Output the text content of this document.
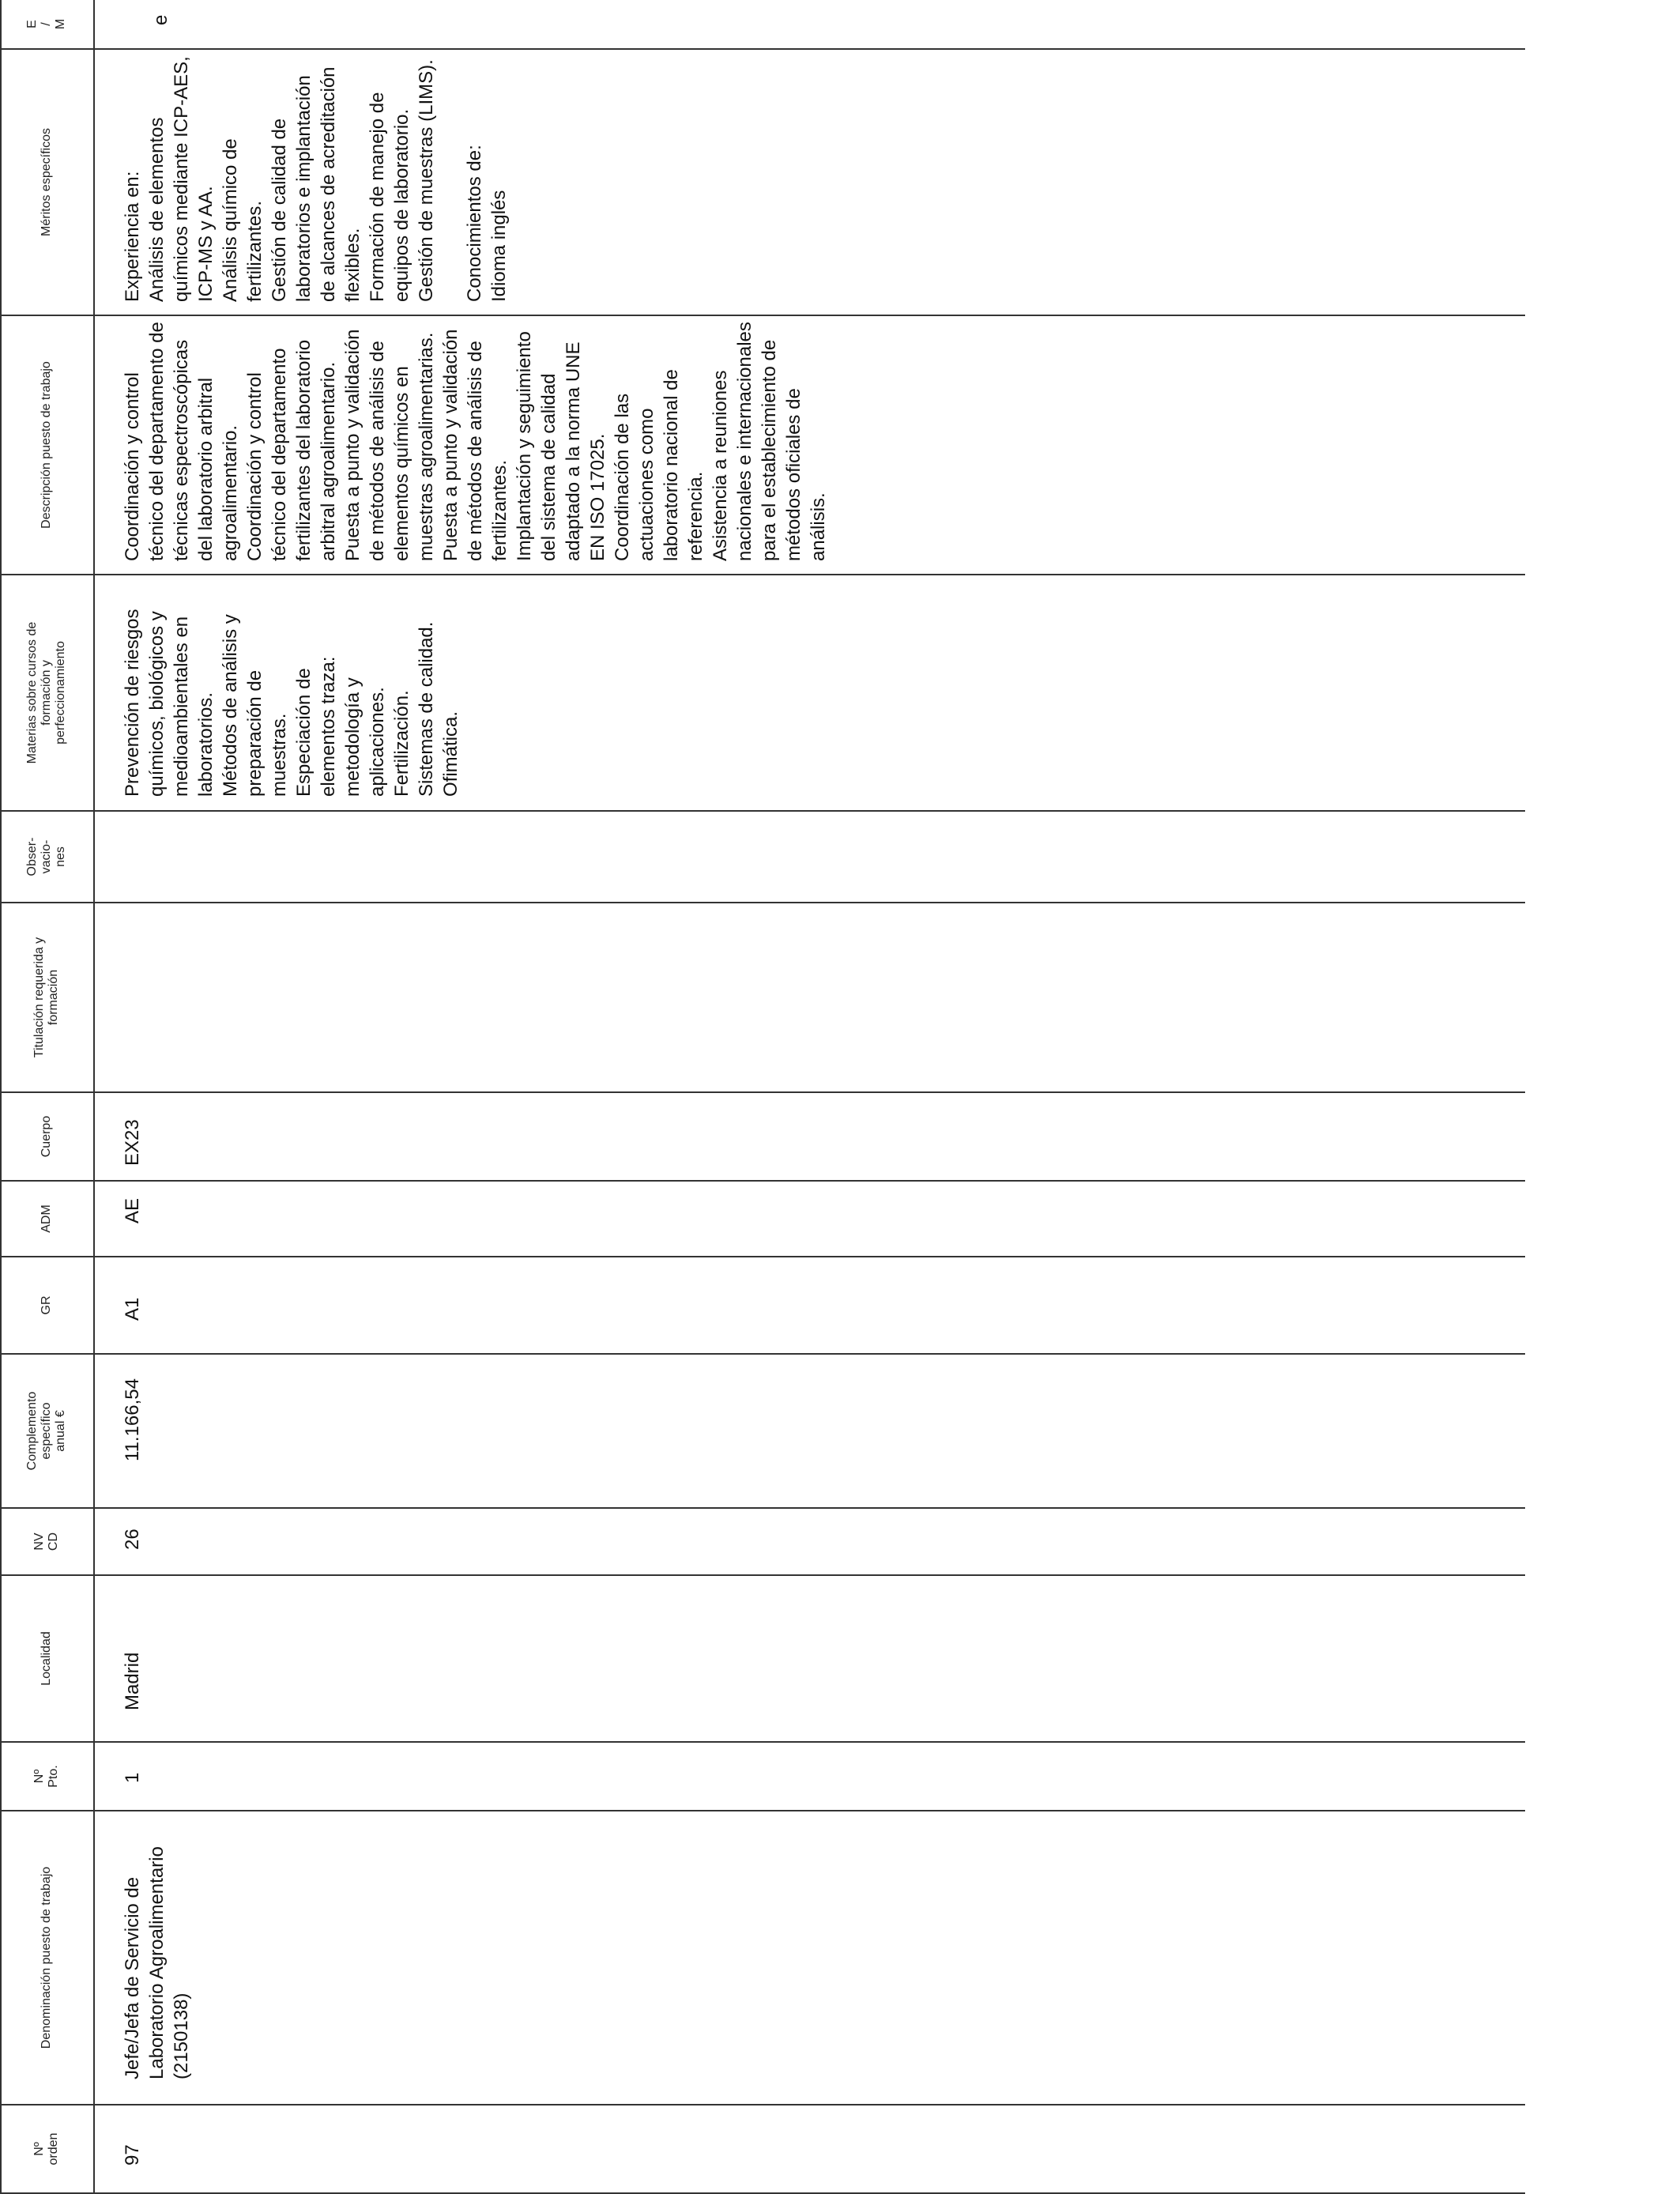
Nº
orden
Denominación puesto de trabajo
Nº
Pto.
Localidad
NV
CD
Complemento
específico
anual €
GR
ADM
Cuerpo
Titulación requerida y
formación
Obser-
vacio-
nes
Materias sobre cursos de
formación y
perfeccionamiento
Descripción puesto de trabajo
Méritos específicos
E
/
M
97
Jefe/Jefa de Servicio de Laboratorio Agroalimentario (2150138)
1
Madrid
26
11.166,54
A1
AE
EX23
Prevención de riesgos químicos, biológicos y medioambientales en laboratorios. Métodos de análisis y preparación de muestras. Especiación de elementos traza: metodología y aplicaciones. Fertilización. Sistemas de calidad. Ofimática.
Coordinación y control técnico del departamento de técnicas espectroscópicas del laboratorio arbitral agroalimentario. Coordinación y control técnico del departamento fertilizantes del laboratorio arbitral agroalimentario. Puesta a punto y validación de métodos de análisis de elementos químicos en muestras agroalimentarias. Puesta a punto y validación de métodos de análisis de fertilizantes. Implantación y seguimiento del sistema de calidad adaptado a la norma UNE EN ISO 17025. Coordinación de las actuaciones como laboratorio nacional de referencia. Asistencia a reuniones nacionales e internacionales para el establecimiento de métodos oficiales de análisis.
Experiencia en: Análisis de elementos químicos mediante ICP-AES, ICP-MS y AA. Análisis químico de fertilizantes. Gestión de calidad de laboratorios e implantación de alcances de acreditación flexibles. Formación de manejo de equipos de laboratorio. Gestión de muestras (LIMS). Conocimientos de: Idioma inglés
e
